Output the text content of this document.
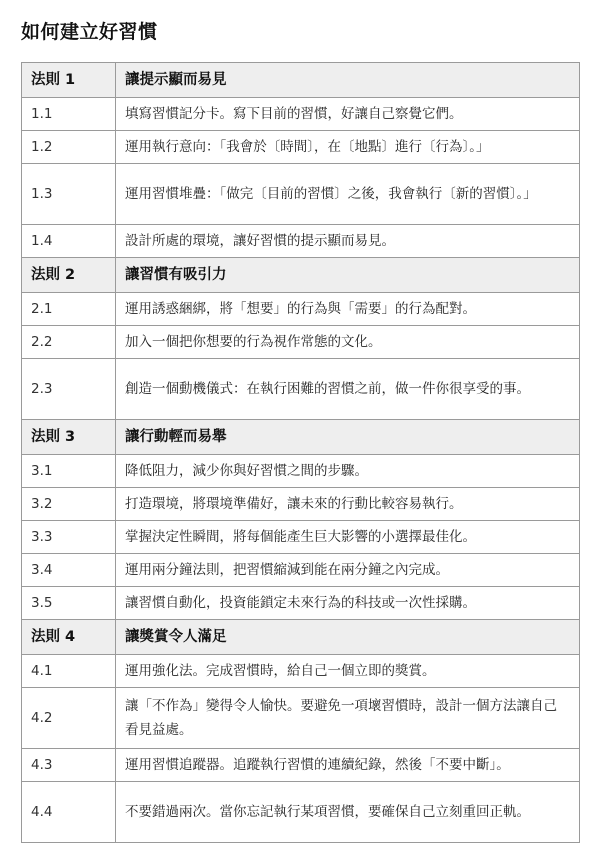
如何建立好習慣
法則 1	讓提示顯而易見
1.1	填寫習慣記分卡。寫下目前的習慣，好讓自己察覺它們。
1.2	運用執行意向：「我會於〔時間〕，在〔地點〕進行〔行為〕。」
1.3	運用習慣堆疊：「做完〔目前的習慣〕之後，我會執行〔新的習慣〕。」
1.4	設計所處的環境，讓好習慣的提示顯而易見。
法則 2	讓習慣有吸引力
2.1	運用誘惑綑綁，將「想要」的行為與「需要」的行為配對。
2.2	加入一個把你想要的行為視作常態的文化。
2.3	創造一個動機儀式：在執行困難的習慣之前，做一件你很享受的事。
法則 3	讓行動輕而易舉
3.1	降低阻力，減少你與好習慣之間的步驟。
3.2	打造環境，將環境準備好，讓未來的行動比較容易執行。
3.3	掌握決定性瞬間，將每個能產生巨大影響的小選擇最佳化。
3.4	運用兩分鐘法則，把習慣縮減到能在兩分鐘之內完成。
3.5	讓習慣自動化，投資能鎖定未來行為的科技或一次性採購。
法則 4	讓獎賞令人滿足
4.1	運用強化法。完成習慣時，給自己一個立即的獎賞。
4.2	讓「不作為」變得令人愉快。要避免一項壞習慣時，設計一個方法讓自己看見益處。
4.3	運用習慣追蹤器。追蹤執行習慣的連續紀錄，然後「不要中斷」。
4.4	不要錯過兩次。當你忘記執行某項習慣，要確保自己立刻重回正軌。
